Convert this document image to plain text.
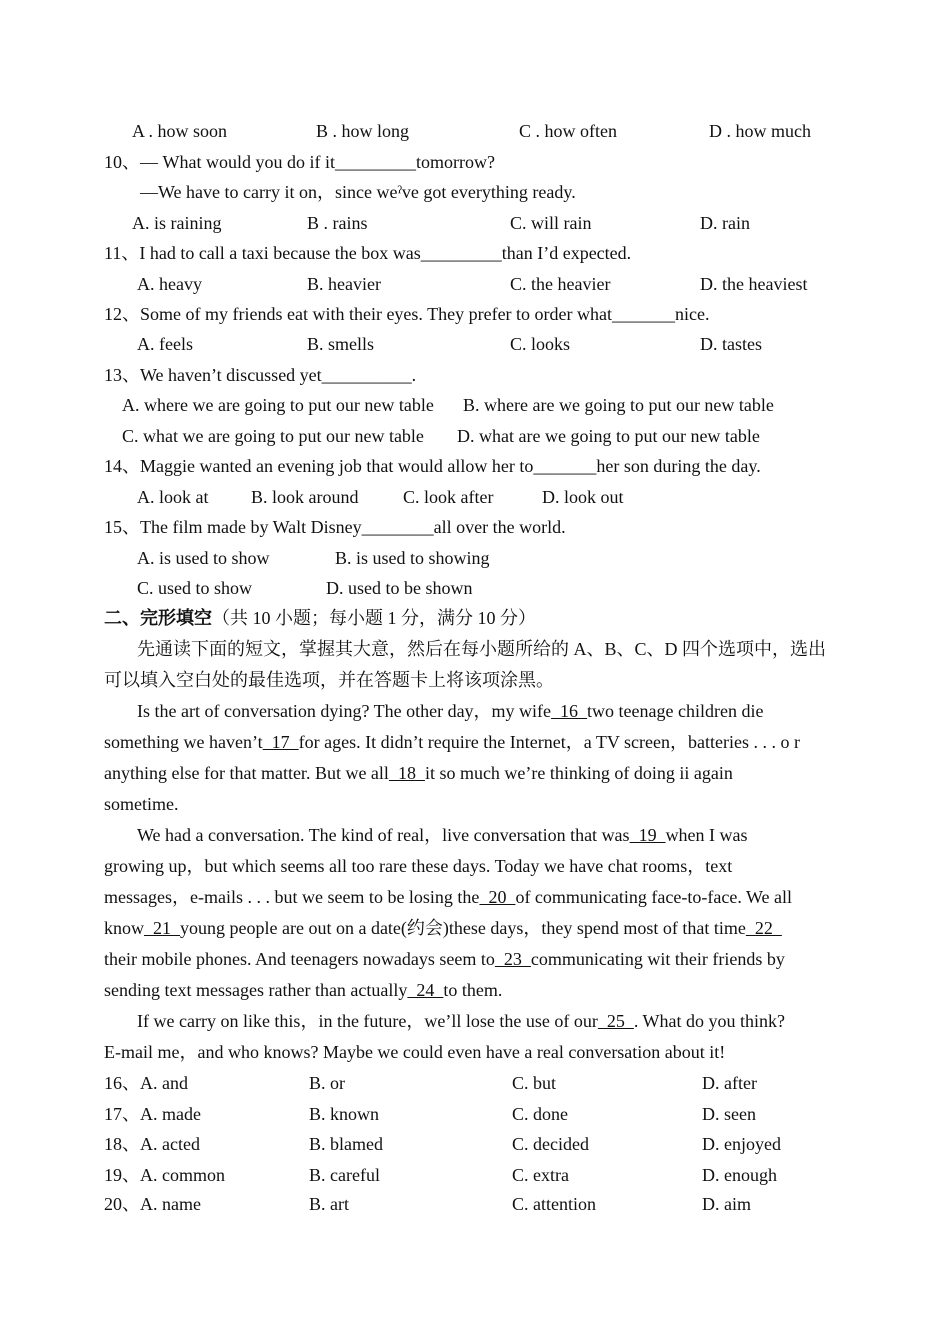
A . how soon	B . how long	C . how often	D . how much
10、— What would you do if it_________tomorrow?
—We have to carry it on，since weˀve got everything ready.
A. is raining	B . rains	C. will rain	D. rain
11、I had to call a taxi because the box was_________than I’d expected.
A. heavy	B. heavier	C. the heavier	D. the heaviest
12、Some of my friends eat with their eyes. They prefer to order what_______nice.
A. feels	B. smells	C. looks	D. tastes
13、We haven’t discussed yet__________.
A. where we are going to put our new table B. where are we going to put our new table
C. what we are going to put our new table D. what are we going to put our new table
14、Maggie wanted an evening job that would allow her to_______her son during the day.
A. look at B. look around C. look after	D. look out
15、The film made by Walt Disney________all over the world.
A. is used to show	B. is used to showing
C. used to show	D. used to be shown
二、完形填空（共 10 小题；每小题 1 分，满分 10 分）
先通读下面的短文，掌握其大意，然后在每小题所给的 A、B、C、D 四个选项中，选出
可以填入空白处的最佳选项，并在答题卡上将该项涂黑。
Is the art of conversation dying? The other day，my wife  16  two teenage children die
something we haven’t  17  for ages. It didn’t require the Internet，a TV screen，batteries . . . o r
anything else for that matter. But we all  18  it so much we’re thinking of doing ii again
sometime.
We had a conversation. The kind of real，live conversation that was  19  when I was
growing up，but which seems all too rare these days. Today we have chat rooms，text
messages，e-mails . . . but we seem to be losing the  20  of communicating face-to-face. We all
know  21  young people are out on a date(约会)these days，they spend most of that time  22
their mobile phones. And teenagers nowadays seem to  23  communicating wit their friends by
sending text messages rather than actually  24  to them.
If we carry on like this，in the future，we’ll lose the use of our  25  . What do you think?
E-mail me，and who knows? Maybe we could even have a real conversation about it!
16、A. and	B. or	C. but	D. after
17、A. made	B. known	C. done	D. seen
18、A. acted	B. blamed	C. decided	D. enjoyed
19、A. common	B. careful	C. extra	D. enough
20、A. name	B. art	C. attention	D. aim
